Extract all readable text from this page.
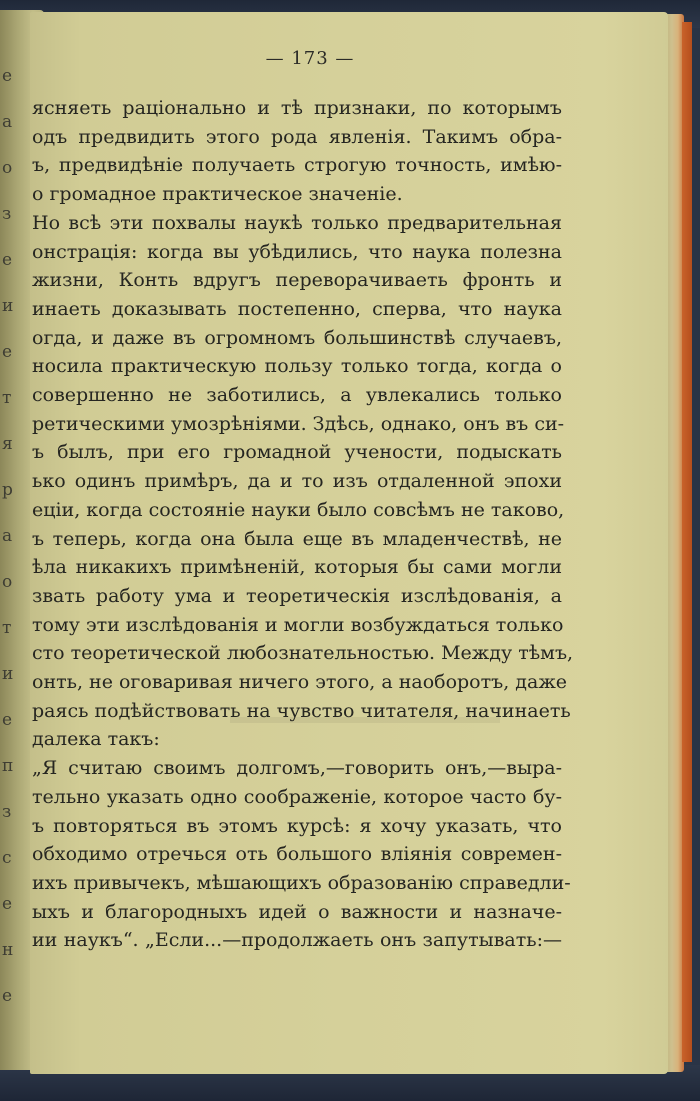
е
а
о
з
е
и
е
т
я
р
а
о
т
и
е
п
з
с
е
н
е
— 173 —
ясняеть раціонально и тѣ признаки, по которымъ
одъ предвидить этого рода явленія. Такимъ обра-
ъ, предвидѣніе получаеть строгую точность, имѣю-
о громадное практическое значеніе.
Но всѣ эти похвалы наукѣ только предварительная
онстрація: когда вы убѣдились, что наука полезна
жизни, Конть вдругъ переворачиваеть фронть и
инаеть доказывать постепенно, сперва, что наука
огда, и даже въ огромномъ большинствѣ случаевъ,
носила практическую пользу только тогда, когда о
совершенно не заботились, а увлекались только
ретическими умозрѣніями. Здѣсь, однако, онъ въ си-
ъ былъ, при его громадной учености, подыскать
ько одинъ примѣръ, да и то изъ отдаленной эпохи
еціи, когда состояніе науки было совсѣмъ не таково,
ъ теперь, когда она была еще въ младенчествѣ, не
ѣла никакихъ примѣненій, которыя бы сами могли
звать работу ума и теоретическія изслѣдованія, а
тому эти изслѣдованія и могли возбуждаться только
сто теоретической любознательностью. Между тѣмъ,
онть, не оговаривая ничего этого, а наоборотъ, даже
раясь подѣйствовать на чувство читателя, начинаеть
далека такъ:
„Я считаю своимъ долгомъ,—говорить онъ,—выра-
тельно указать одно соображеніе, которое часто бу-
ъ повторяться въ этомъ курсѣ: я хочу указать, что
обходимо отречься оть большого вліянія современ-
ихъ привычекъ, мѣшающихъ образованію справедли-
ыхъ и благородныхъ идей о важности и назначе-
ии наукъ“. „Если...—продолжаеть онъ запутывать:—
